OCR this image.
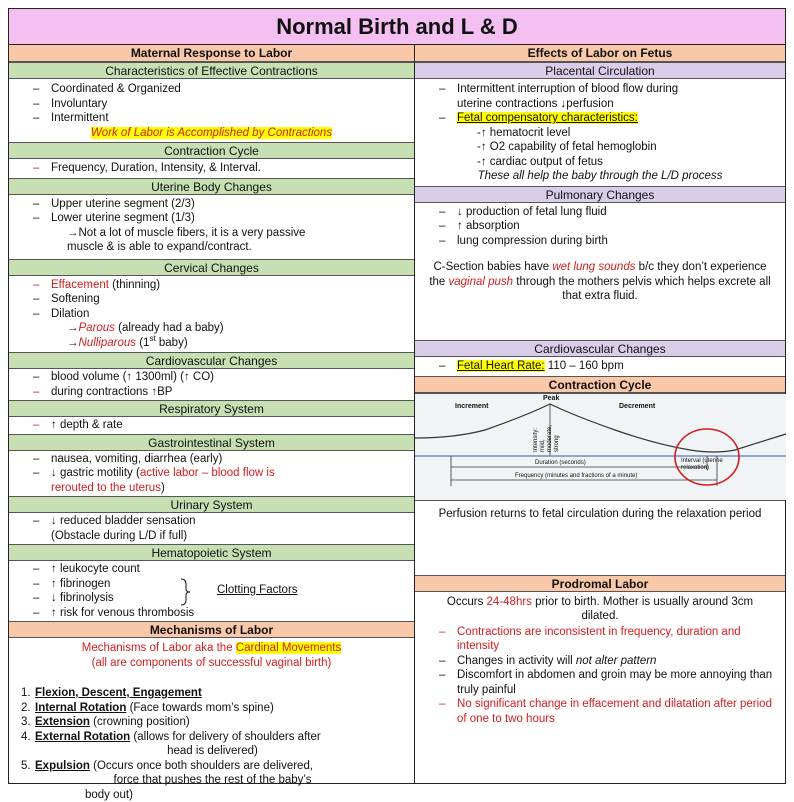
Normal Birth and L & D
Maternal Response to Labor
Characteristics of Effective Contractions
– Coordinated & Organized
– Involuntary
– Intermittent
Work of Labor is Accomplished by Contractions
Contraction Cycle
– Frequency, Duration, Intensity, & Interval.
Uterine Body Changes
– Upper uterine segment (2/3)
– Lower uterine segment (1/3)
→Not a lot of muscle fibers, it is a very passive
muscle & is able to expand/contract.
Cervical Changes
– Effacement (thinning)
– Softening
– Dilation
→Parous (already had a baby)
→Nulliparous (1st baby)
Cardiovascular Changes
– blood volume (↑ 1300ml) (↑ CO)
– during contractions ↑BP
Respiratory System
– ↑ depth & rate
Gastrointestinal System
– nausea, vomiting, diarrhea (early)
– ↓ gastric motility (active labor – blood flow is
rerouted to the uterus)
Urinary System
– ↓ reduced bladder sensation
(Obstacle during L/D if full)
Hematopoietic System
– ↑ leukocyte count
– ↑ fibrinogen
– ↓ fibrinolysis
– ↑ risk for venous thrombosis
Clotting Factors
Mechanisms of Labor
Mechanisms of Labor aka the Cardinal Movements
(all are components of successful vaginal birth)
1. Flexion, Descent, Engagement
2. Internal Rotation (Face towards mom’s spine)
3. Extension (crowning position)
4. External Rotation (allows for delivery of shoulders after
head is delivered)
5. Expulsion (Occurs once both shoulders are delivered,
force that pushes the rest of the baby’s
body out)
Effects of Labor on Fetus
Placental Circulation
– Intermittent interruption of blood flow during
uterine contractions ↓perfusion
– Fetal compensatory characteristics:
-↑ hematocrit level
-↑ O2 capability of fetal hemoglobin
-↑ cardiac output of fetus
These all help the baby through the L/D process
Pulmonary Changes
– ↓ production of fetal lung fluid
– ↑ absorption
– lung compression during birth
C-Section babies have wet lung sounds b/c they don’t experience the vaginal push through the mothers pelvis which helps excrete all that extra fluid.
Cardiovascular Changes
– Fetal Heart Rate: 110 – 160 bpm
Contraction Cycle
Peak
Increment	Decrement
Intensity: mild, moderate, strong
Interval (uterine relaxation)
Duration (seconds)
Frequency (minutes and fractions of a minute)
Perfusion returns to fetal circulation during the relaxation period
Prodromal Labor
Occurs 24-48hrs prior to birth. Mother is usually around 3cm dilated.
– Contractions are inconsistent in frequency, duration and intensity
– Changes in activity will not alter pattern
– Discomfort in abdomen and groin may be more annoying than truly painful
– No significant change in effacement and dilatation after period of one to two hours
